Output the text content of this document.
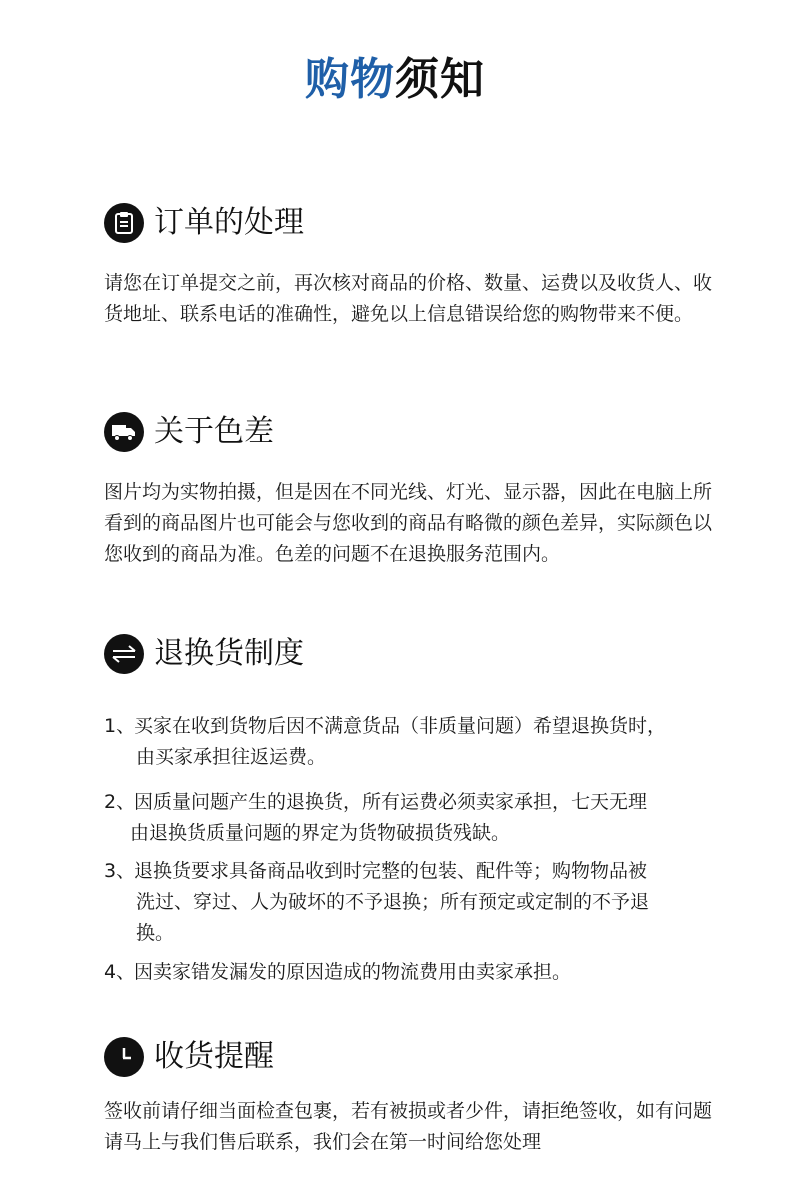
购物须知
订单的处理

请您在订单提交之前，再次核对商品的价格、数量、运费以及收货人、收货地址、联系电话的准确性，避免以上信息错误给您的购物带来不便。

关于色差

图片均为实物拍摄，但是因在不同光线、灯光、显示器，因此在电脑上所看到的商品图片也可能会与您收到的商品有略微的颜色差异，实际颜色以您收到的商品为准。色差的问题不在退换服务范围内。

退换货制度
1、买家在收到货物后因不满意货品（非质量问题）希望退换货时，
由买家承担往返运费。
2、因质量问题产生的退换货，所有运费必须卖家承担，七天无理
由退换货质量问题的界定为货物破损货残缺。
3、退换货要求具备商品收到时完整的包装、配件等；购物物品被
洗过、穿过、人为破坏的不予退换；所有预定或定制的不予退
换。
4、因卖家错发漏发的原因造成的物流费用由卖家承担。
收货提醒

签收前请仔细当面检查包裹，若有被损或者少件，请拒绝签收，如有问题请马上与我们售后联系，我们会在第一时间给您处理
